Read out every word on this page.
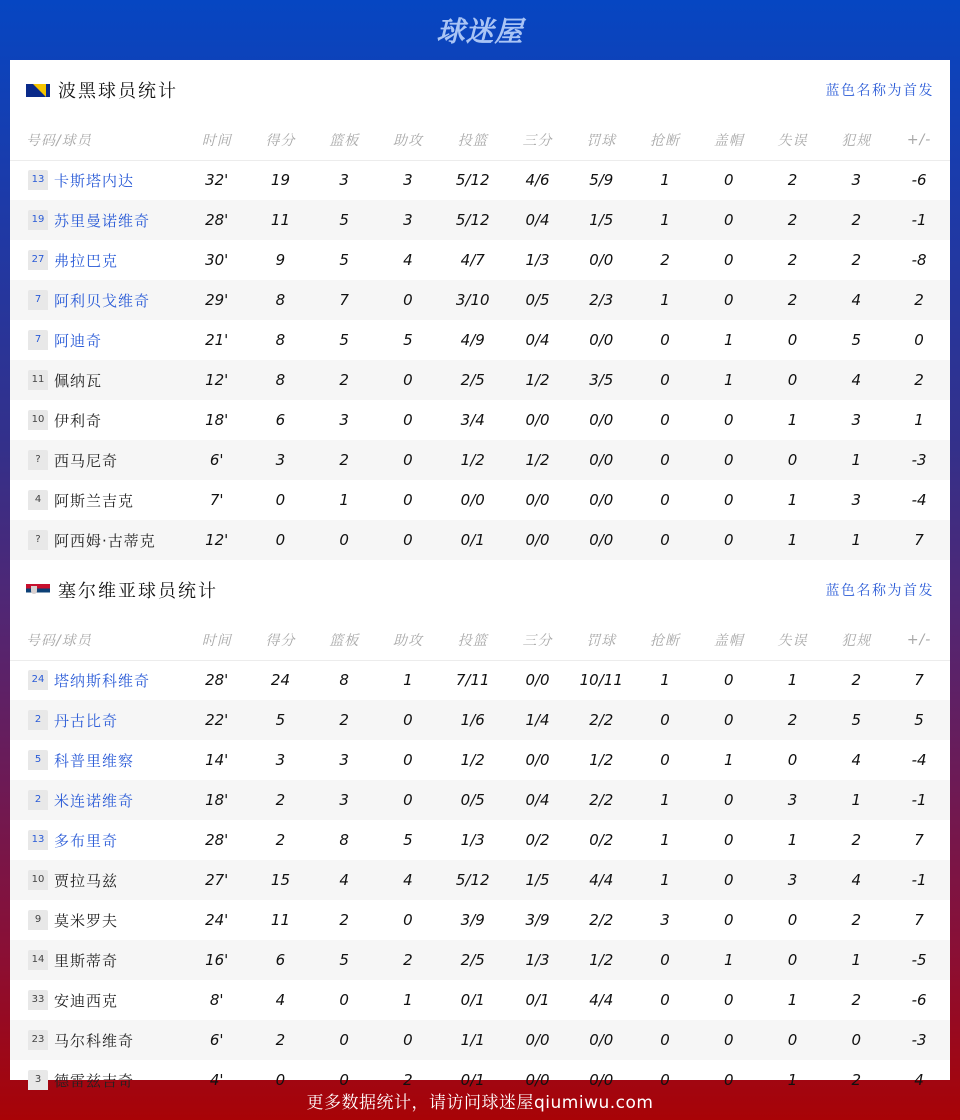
球迷屋
波黑球员统计	蓝色名称为首发
号码/球员	时间	得分	篮板	助攻	投篮	三分	罚球	抢断	盖帽	失误	犯规	+/-
13 卡斯塔内达	32'	19	3	3	5/12	4/6	5/9	1	0	2	3	-6
19 苏里曼诺维奇	28'	11	5	3	5/12	0/4	1/5	1	0	2	2	-1
27 弗拉巴克	30'	9	5	4	4/7	1/3	0/0	2	0	2	2	-8
7 阿利贝戈维奇	29'	8	7	0	3/10	0/5	2/3	1	0	2	4	2
7 阿迪奇	21'	8	5	5	4/9	0/4	0/0	0	1	0	5	0
11 佩纳瓦	12'	8	2	0	2/5	1/2	3/5	0	1	0	4	2
10 伊利奇	18'	6	3	0	3/4	0/0	0/0	0	0	1	3	1
? 西马尼奇	6'	3	2	0	1/2	1/2	0/0	0	0	0	1	-3
4 阿斯兰吉克	7'	0	1	0	0/0	0/0	0/0	0	0	1	3	-4
? 阿西姆·古蒂克	12'	0	0	0	0/1	0/0	0/0	0	0	1	1	7
塞尔维亚球员统计	蓝色名称为首发
号码/球员	时间	得分	篮板	助攻	投篮	三分	罚球	抢断	盖帽	失误	犯规	+/-
24 塔纳斯科维奇	28'	24	8	1	7/11	0/0	10/11	1	0	1	2	7
2 丹古比奇	22'	5	2	0	1/6	1/4	2/2	0	0	2	5	5
5 科普里维察	14'	3	3	0	1/2	0/0	1/2	0	1	0	4	-4
2 米连诺维奇	18'	2	3	0	0/5	0/4	2/2	1	0	3	1	-1
13 多布里奇	28'	2	8	5	1/3	0/2	0/2	1	0	1	2	7
10 贾拉马兹	27'	15	4	4	5/12	1/5	4/4	1	0	3	4	-1
9 莫米罗夫	24'	11	2	0	3/9	3/9	2/2	3	0	0	2	7
14 里斯蒂奇	16'	6	5	2	2/5	1/3	1/2	0	1	0	1	-5
33 安迪西克	8'	4	0	1	0/1	0/1	4/4	0	0	1	2	-6
23 马尔科维奇	6'	2	0	0	1/1	0/0	0/0	0	0	0	0	-3
3 德雷兹吉奇	4'	0	0	2	0/1	0/0	0/0	0	0	1	2	4
更多数据统计，请访问球迷屋qiumiwu.com
